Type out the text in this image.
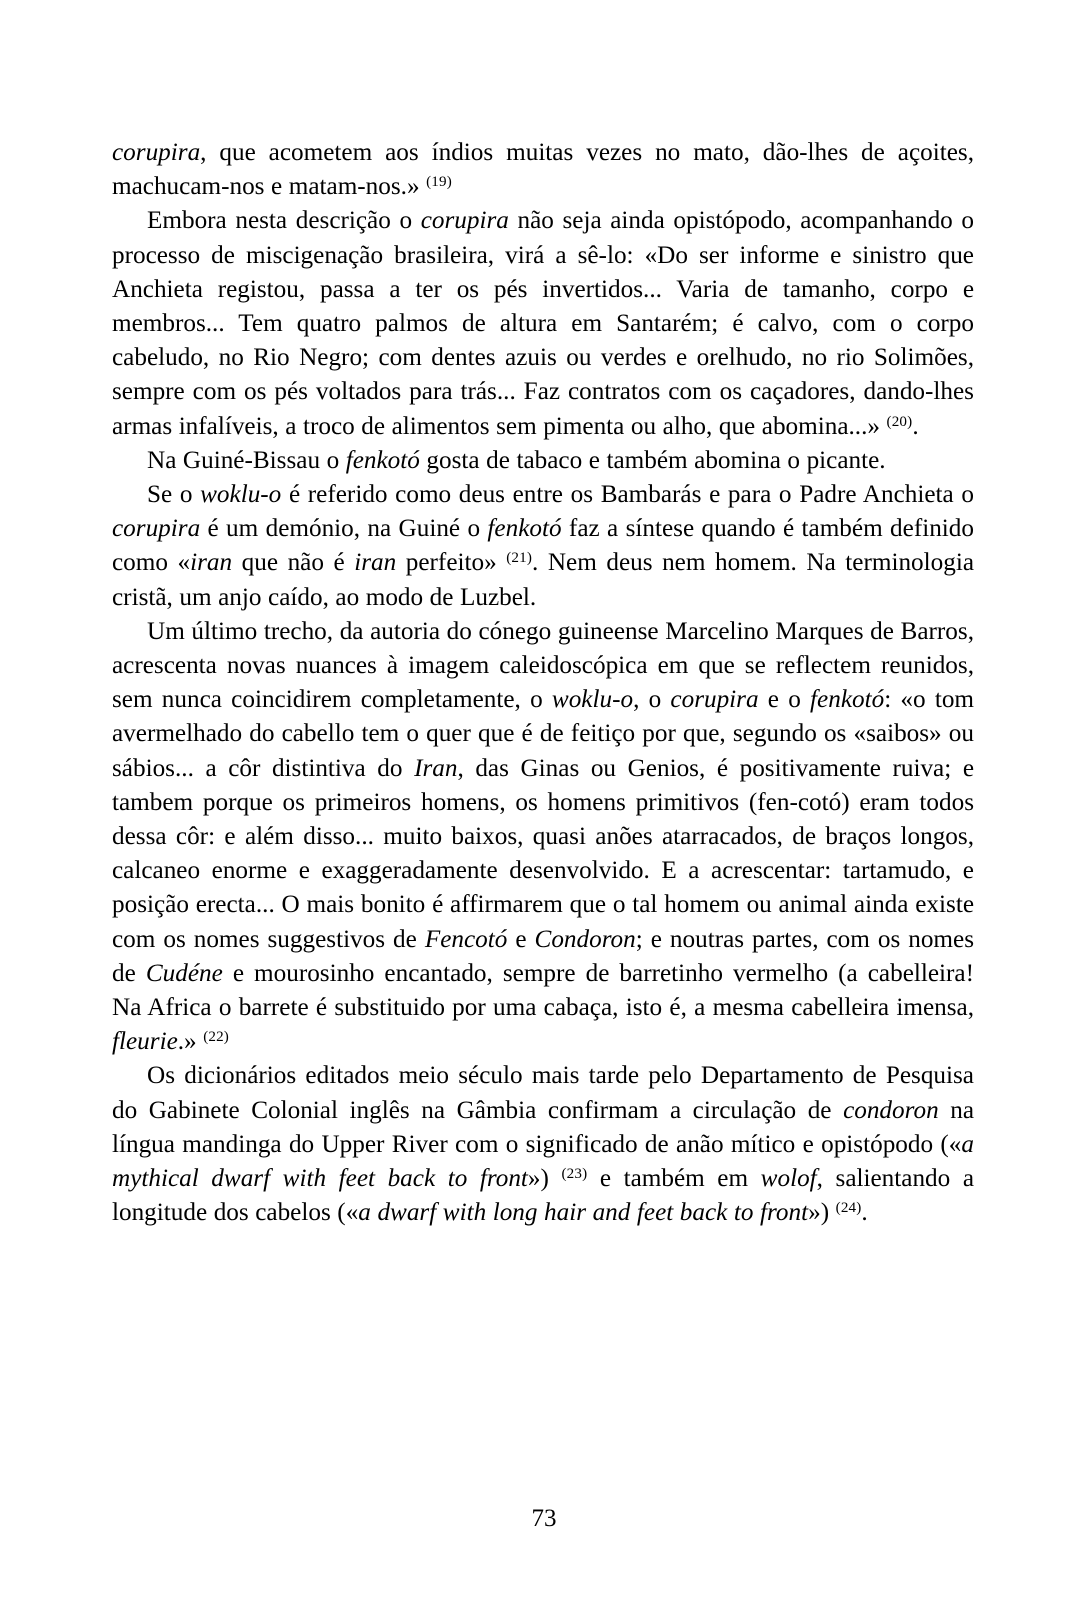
corupira, que acometem aos índios muitas vezes no mato, dão-lhes de açoites, machucam-nos e matam-nos.» $^{(19)}$

Embora nesta descrição o corupira não seja ainda opistópodo, acompanhando o processo de miscigenação brasileira, virá a sê-lo: «Do ser informe e sinistro que Anchieta registou, passa a ter os pés invertidos... Varia de tamanho, corpo e membros... Tem quatro palmos de altura em Santarém; é calvo, com o corpo cabeludo, no Rio Negro; com dentes azuis ou verdes e orelhudo, no rio Solimões, sempre com os pés voltados para trás... Faz contratos com os caçadores, dando-lhes armas infalíveis, a troco de alimentos sem pimenta ou alho, que abomina...» $^{(20)}$.

Na Guiné-Bissau o fenkotó gosta de tabaco e também abomina o picante.

Se o woklu-o é referido como deus entre os Bambarás e para o Padre Anchieta o corupira é um demónio, na Guiné o fenkotó faz a síntese quando é também definido como «iran que não é iran perfeito» $^{(21)}$. Nem deus nem homem. Na terminologia cristã, um anjo caído, ao modo de Luzbel.

Um último trecho, da autoria do cónego guineense Marcelino Marques de Barros, acrescenta novas nuances à imagem caleidoscópica em que se reflectem reunidos, sem nunca coincidirem completamente, o woklu-o, o corupira e o fenkotó: «o tom avermelhado do cabello tem o quer que é de feitiço por que, segundo os «saibos» ou sábios... a côr distintiva do Iran, das Ginas ou Genios, é positivamente ruiva; e tambem porque os primeiros homens, os homens primitivos (fen-cotó) eram todos dessa côr: e além disso... muito baixos, quasi anões atarracados, de braços longos, calcaneo enorme e exaggeradamente desenvolvido. E a acrescentar: tartamudo, e posição erecta... O mais bonito é affirmarem que o tal homem ou animal ainda existe com os nomes suggestivos de Fencotó e Condoron; e noutras partes, com os nomes de Cudéne e mourosinho encantado, sempre de barretinho vermelho (a cabelleira! Na Africa o barrete é substituido por uma cabaça, isto é, a mesma cabelleira imensa, fleurie.» $^{(22)}$

Os dicionários editados meio século mais tarde pelo Departamento de Pesquisa do Gabinete Colonial inglês na Gâmbia confirmam a circulação de condoron na língua mandinga do Upper River com o significado de anão mítico e opistópodo («a mythical dwarf with feet back to front») $^{(23)}$ e também em wolof, salientando a longitude dos cabelos («a dwarf with long hair and feet back to front») $^{(24)}$.

73
